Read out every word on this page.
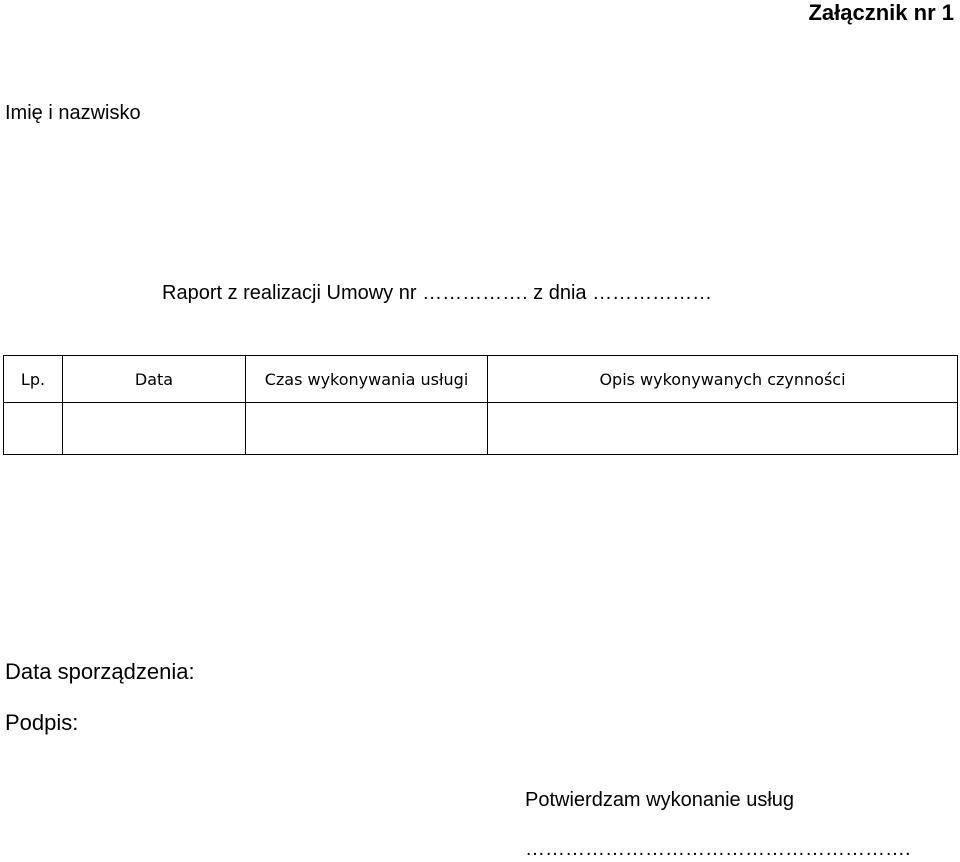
Załącznik nr 1
Imię i nazwisko
Raport z realizacji Umowy nr ……………. z dnia ………………
Lp.	Data	Czas wykonywania usługi	Opis wykonywanych czynności

Data sporządzenia:
Podpis:
Potwierdzam wykonanie usług
………………………………………………….
